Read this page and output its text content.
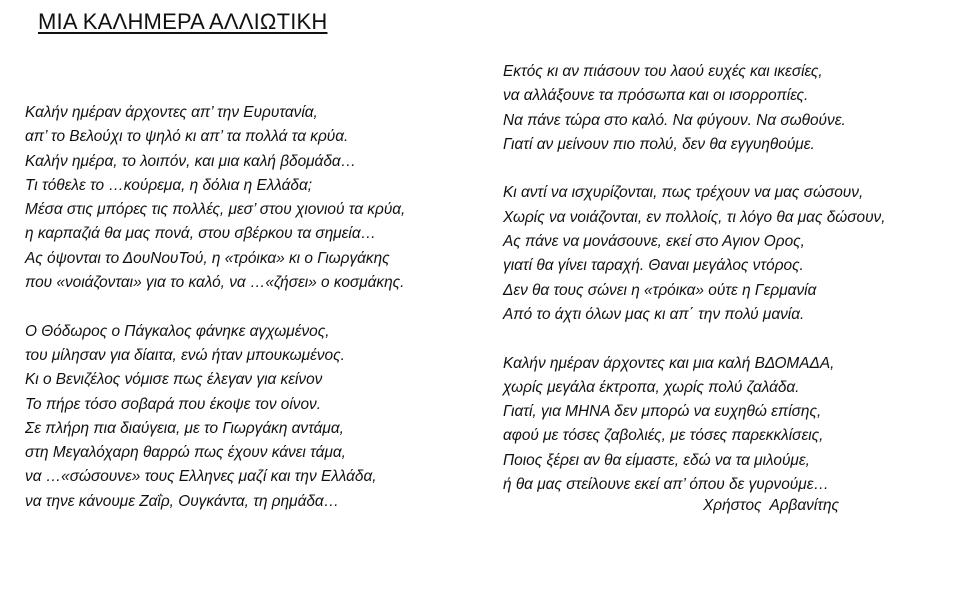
ΜΙΑ ΚΑΛΗΜΕΡΑ ΑΛΛΙΩΤΙΚΗ
Καλήν ημέραν άρχοντες απ’ την Ευρυτανία,
απ’ το Βελούχι το ψηλό κι απ’ τα πολλά τα κρύα.
Καλήν ημέρα, το λοιπόν, και μια καλή βδομάδα…
Τι τόθελε το …κούρεμα, η δόλια η Ελλάδα;
Μέσα στις μπόρες τις πολλές, μεσ’ στου χιονιού τα κρύα,
η καρπαζιά θα μας πονά, στου σβέρκου τα σημεία…
Ας όψονται το ΔουΝουΤού, η «τρόικα» κι ο Γιωργάκης
που «νοιάζονται» για το καλό, να …«ζήσει» ο κοσμάκης.
Ο Θόδωρος ο Πάγκαλος φάνηκε αγχωμένος,
του μίλησαν για δίαιτα, ενώ ήταν μπουκωμένος.
Κι ο Βενιζέλος νόμισε πως έλεγαν για κείνον
Το πήρε τόσο σοβαρά που έκοψε τον οίνον.
Σε πλήρη πια διαύγεια, με το Γιωργάκη αντάμα,
στη Μεγαλόχαρη θαρρώ πως έχουν κάνει τάμα,
να …«σώσουνε» τους Ελληνες μαζί και την Ελλάδα,
να τηνε κάνουμε Ζαΐρ, Ουγκάντα, τη ρημάδα…
Εκτός κι αν πιάσουν του λαού ευχές και ικεσίες,
να αλλάξουνε τα πρόσωπα και οι ισορροπίες.
Να πάνε τώρα στο καλό. Να φύγουν. Να σωθούνε.
Γιατί αν μείνουν πιο πολύ, δεν θα εγγυηθούμε.
Κι αντί να ισχυρίζονται, πως τρέχουν να μας σώσουν,
Χωρίς να νοιάζονται, εν πολλοίς, τι λόγο θα μας δώσουν,
Ας πάνε να μονάσουνε, εκεί στο Αγιον Ορος,
γιατί θα γίνει ταραχή. Θαναι μεγάλος ντόρος.
Δεν θα τους σώνει η «τρόικα» ούτε η Γερμανία
Από το άχτι όλων μας κι απ΄ την πολύ μανία.
Καλήν ημέραν άρχοντες και μια καλή ΒΔΟΜΑΔΑ,
χωρίς μεγάλα έκτροπα, χωρίς πολύ ζαλάδα.
Γιατί, για ΜΗΝΑ δεν μπορώ να ευχηθώ επίσης,
αφού με τόσες ζαβολιές, με τόσες παρεκκλίσεις,
Ποιος ξέρει αν θα είμαστε, εδώ να τα μιλούμε,
ή θα μας στείλουνε εκεί απ’ όπου δε γυρνούμε…
Χρήστος  Αρβανίτης
